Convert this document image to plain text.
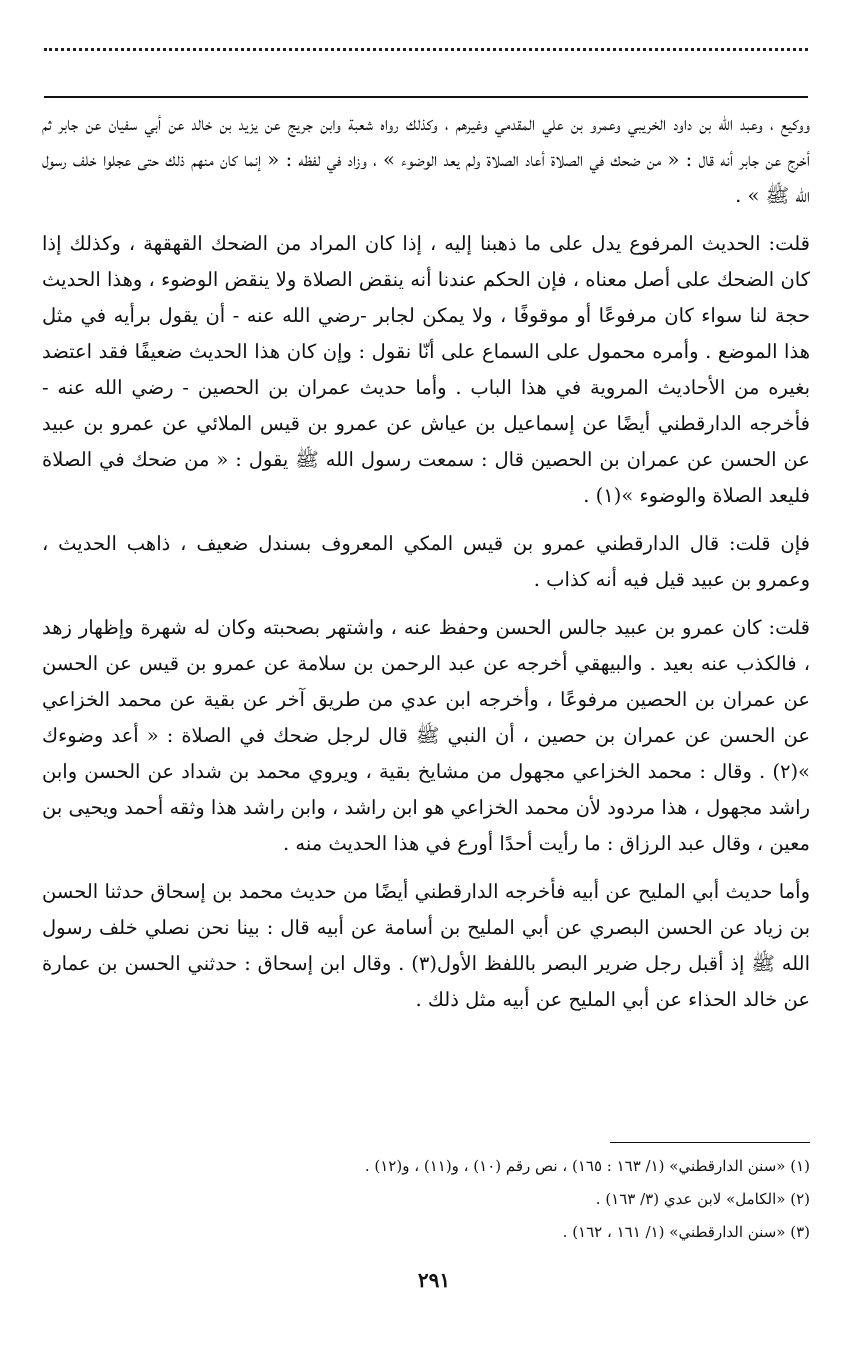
ووكيع ، وعبد الله بن داود الخريبي وعمرو بن علي المقدمي وغيرهم ، وكذلك رواه شعبة وابن جريج عن يزيد بن خالد عن أبي سفيان عن جابر ثم أخرج عن جابر أنه قال : « من ضحك في الصلاة أعاد الصلاة ولم يعد الوضوء » ، وزاد في لفظه : « إنما كان منهم ذلك حتى عجلوا خلف رسول الله ﷺ » .

قلت: الحديث المرفوع يدل على ما ذهبنا إليه ، إذا كان المراد من الضحك القهقهة ، وكذلك إذا كان الضحك على أصل معناه ، فإن الحكم عندنا أنه ينقض الصلاة ولا ينقض الوضوء ، وهذا الحديث حجة لنا سواء كان مرفوعًا أو موقوفًا ، ولا يمكن لجابر -رضي الله عنه - أن يقول برأيه في مثل هذا الموضع . وأمره محمول على السماع على أنّا نقول : وإن كان هذا الحديث ضعيفًا فقد اعتضد بغيره من الأحاديث المروية في هذا الباب . وأما حديث عمران بن الحصين - رضي الله عنه - فأخرجه الدارقطني أيضًا عن إسماعيل بن عياش عن عمرو بن قيس الملائي عن عمرو بن عبيد عن الحسن عن عمران بن الحصين قال : سمعت رسول الله ﷺ يقول : « من ضحك في الصلاة فليعد الصلاة والوضوء »(١) .

فإن قلت: قال الدارقطني عمرو بن قيس المكي المعروف بسندل ضعيف ، ذاهب الحديث ، وعمرو بن عبيد قيل فيه أنه كذاب .

قلت: كان عمرو بن عبيد جالس الحسن وحفظ عنه ، واشتهر بصحبته وكان له شهرة وإظهار زهد ، فالكذب عنه بعيد . والبيهقي أخرجه عن عبد الرحمن بن سلامة عن عمرو بن قيس عن الحسن عن عمران بن الحصين مرفوعًا ، وأخرجه ابن عدي من طريق آخر عن بقية عن محمد الخزاعي عن الحسن عن عمران بن حصين ، أن النبي ﷺ قال لرجل ضحك في الصلاة : « أعد وضوءك »(٢) . وقال : محمد الخزاعي مجهول من مشايخ بقية ، ويروي محمد بن شداد عن الحسن وابن راشد مجهول ، هذا مردود لأن محمد الخزاعي هو ابن راشد ، وابن راشد هذا وثقه أحمد ويحيى بن معين ، وقال عبد الرزاق : ما رأيت أحدًا أورع في هذا الحديث منه .

وأما حديث أبي المليح عن أبيه فأخرجه الدارقطني أيضًا من حديث محمد بن إسحاق حدثنا الحسن بن زياد عن الحسن البصري عن أبي المليح بن أسامة عن أبيه قال : بينا نحن نصلي خلف رسول الله ﷺ إذ أقبل رجل ضرير البصر باللفظ الأول(٣) . وقال ابن إسحاق : حدثني الحسن بن عمارة عن خالد الحذاء عن أبي المليح عن أبيه مثل ذلك .

(١) «سنن الدارقطني» (١/ ١٦٣ : ١٦٥) ، نص رقم (١٠) ، و(١١) ، و(١٢) .

(٢) «الكامل» لابن عدي (٣/ ١٦٣) .

(٣) «سنن الدارقطني» (١/ ١٦١ ، ١٦٢) .

٢٩١
